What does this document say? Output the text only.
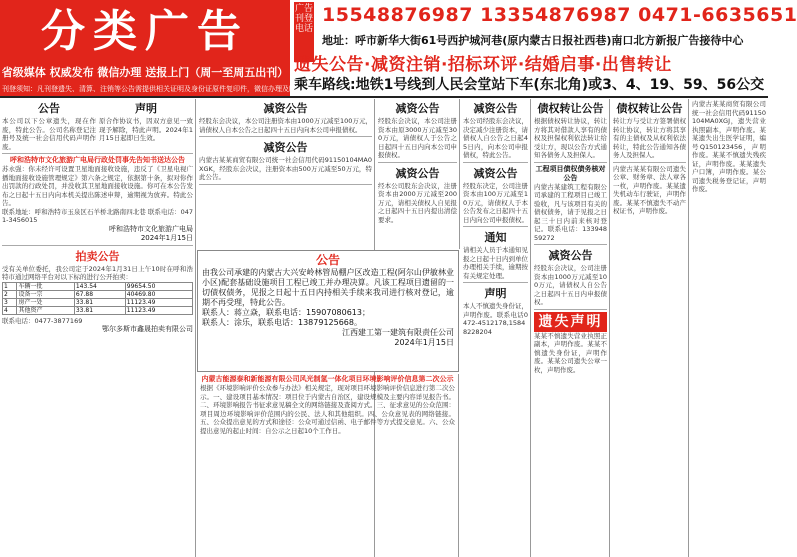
分类广告
省级媒体 权威发布 微信办理 送报上门（周一至周五出刊）
刊登须知：凡刊登遗失、清算、注销等公告需提供相关证明及身份证原件复印件，微信办理及时见报
广告刊登电话
15548876987 13354876987 0471-6635651
地址：呼市新华大街61号西护城河巷(原内蒙古日报社西巷)南口北方新报广告接待中心
遗失公告·减资注销·招标环评·结婚启事·出售转让
乘车路线:地铁1号线到人民会堂站下车(东北角)或3、4、19、59、56公交
公告
本公司以下公章遗失，现在作废，特此公告。公司名称登记注册号及统一社会信用代码声明作废。
声明
原合作协议书，因双方意见一致现予解除，特此声明。2024年1月15日起即日生效。
呼和浩特市文化旅游广电局行政处罚事先告知书送达公告
苏永强：你未经许可设置卫星地面接收设施，违反了《卫星电视广播地面接收设施管理规定》第六条之规定，依据第十条，拟对你作出罚款的行政处罚，并没收其卫星地面接收设施。你可在本公告发布之日起十五日内向本机关提出陈述申辩，逾期视为放弃。特此公告。
联系地址：呼和浩特市玉泉区石羊桥北路南四北巷 联系电话：0471-3456015
呼和浩特市文化旅游广电局
2024年1月15日
拍卖公告
受有关单位委托，我公司定于2024年1月31日上午10时在呼和浩特市通过网络平台对以下标的进行公开拍卖：
1	车辆一批	143.54	99654.50
2	设备一宗	67.88	40469.80
3	房产一处	33.81	11123.49
4	其他资产	33.81	11123.49
联系电话：0477-3877169
鄂尔多斯市鑫晟拍卖有限公司
减资公告
经股东会决议，本公司注册资本由1000万元减至100万元，请债权人自本公告之日起四十五日内向本公司申报债权。
减资公告
内蒙古某某商贸有限公司统一社会信用代码91150104MA0XGK，经股东会决议，注册资本由500万元减至50万元，特此公告。
公告

由我公司承建的内蒙古大兴安岭林管局棚户区改造工程(阿尔山伊敏林业小区)配套基础设施项目工程已竣工并办理决算。凡该工程项目遗留的一切债权债务，见报之日起十五日内持相关手续来我司进行核对登记，逾期不再受理，特此公告。

联系人：蒋立焱，联系电话：15907080613；

联系人：涂乐，联系电话：13879125668。

江西建工第一建筑有限责任公司

2024年1月15日

内蒙古能源泰和新能源有限公司风光制氢一体化项目环境影响评价信息第二次公示
根据《环境影响评价公众参与办法》相关规定，现对项目环境影响评价信息进行第二次公示。一、建设项目基本情况：项目位于内蒙古自治区，建设规模及主要内容详见报告书。二、环境影响报告书征求意见稿全文的网络链接及查阅方式。三、征求意见的公众范围：项目周边环境影响评价范围内的公民、法人和其他组织。四、公众意见表的网络链接。五、公众提出意见的方式和途径：公众可通过信函、电子邮件等方式提交意见。六、公众提出意见的起止时间：自公示之日起10个工作日。
减资公告
经股东会决议，本公司注册资本由原3000万元减至300万元，请债权人于公告之日起四十五日内向本公司申报债权。
减资公告
经本公司股东会决议，注册资本由2000万元减至200万元，请相关债权人自见报之日起四十五日内提出清偿要求。
减资公告
本公司经股东会决议，决定减少注册资本，请债权人自公告之日起45日内，向本公司申报债权，特此公告。
减资公告
经股东决定，公司注册资本由100万元减至10万元，请债权人于本公告发布之日起四十五日内向公司申报债权。
通知
请相关人员于本通知见报之日起十日内到单位办理相关手续，逾期按有关规定处理。
声明
本人不慎遗失身份证，声明作废。联系电话0472-4512178,15848228204
债权转让公告
根据债权转让协议，转让方将其对借款人享有的债权及担保权利依法转让给受让方，现以公告方式通知各债务人及担保人。
工程项目债权债务核对公告
内蒙古某建筑工程有限公司承建的工程项目已竣工验收，凡与该项目有关的债权债务，请于见报之日起三十日内前来核对登记。联系电话：13394859272
减资公告
经股东会决议，公司注册资本由1000万元减至100万元，请债权人自公告之日起四十五日内申报债权。
遗失声明
某某不慎遗失营业执照正副本，声明作废。某某不慎遗失身份证，声明作废。某某公司遗失公章一枚，声明作废。
债权转让公告
转让方与受让方签署债权转让协议，转让方将其享有的主债权及从权利依法转让，特此公告通知各债务人及担保人。
内蒙古某某有限公司遗失公章、财务章、法人章各一枚，声明作废。某某遗失机动车行驶证，声明作废。某某不慎遗失不动产权证书，声明作废。
内蒙古某某商贸有限公司统一社会信用代码91150104MA0XGJ，遗失营业执照副本，声明作废。某某遗失出生医学证明，编号Q150123456，声明作废。某某不慎遗失残疾证，声明作废。某某遗失户口簿，声明作废。某公司遗失税务登记证，声明作废。
